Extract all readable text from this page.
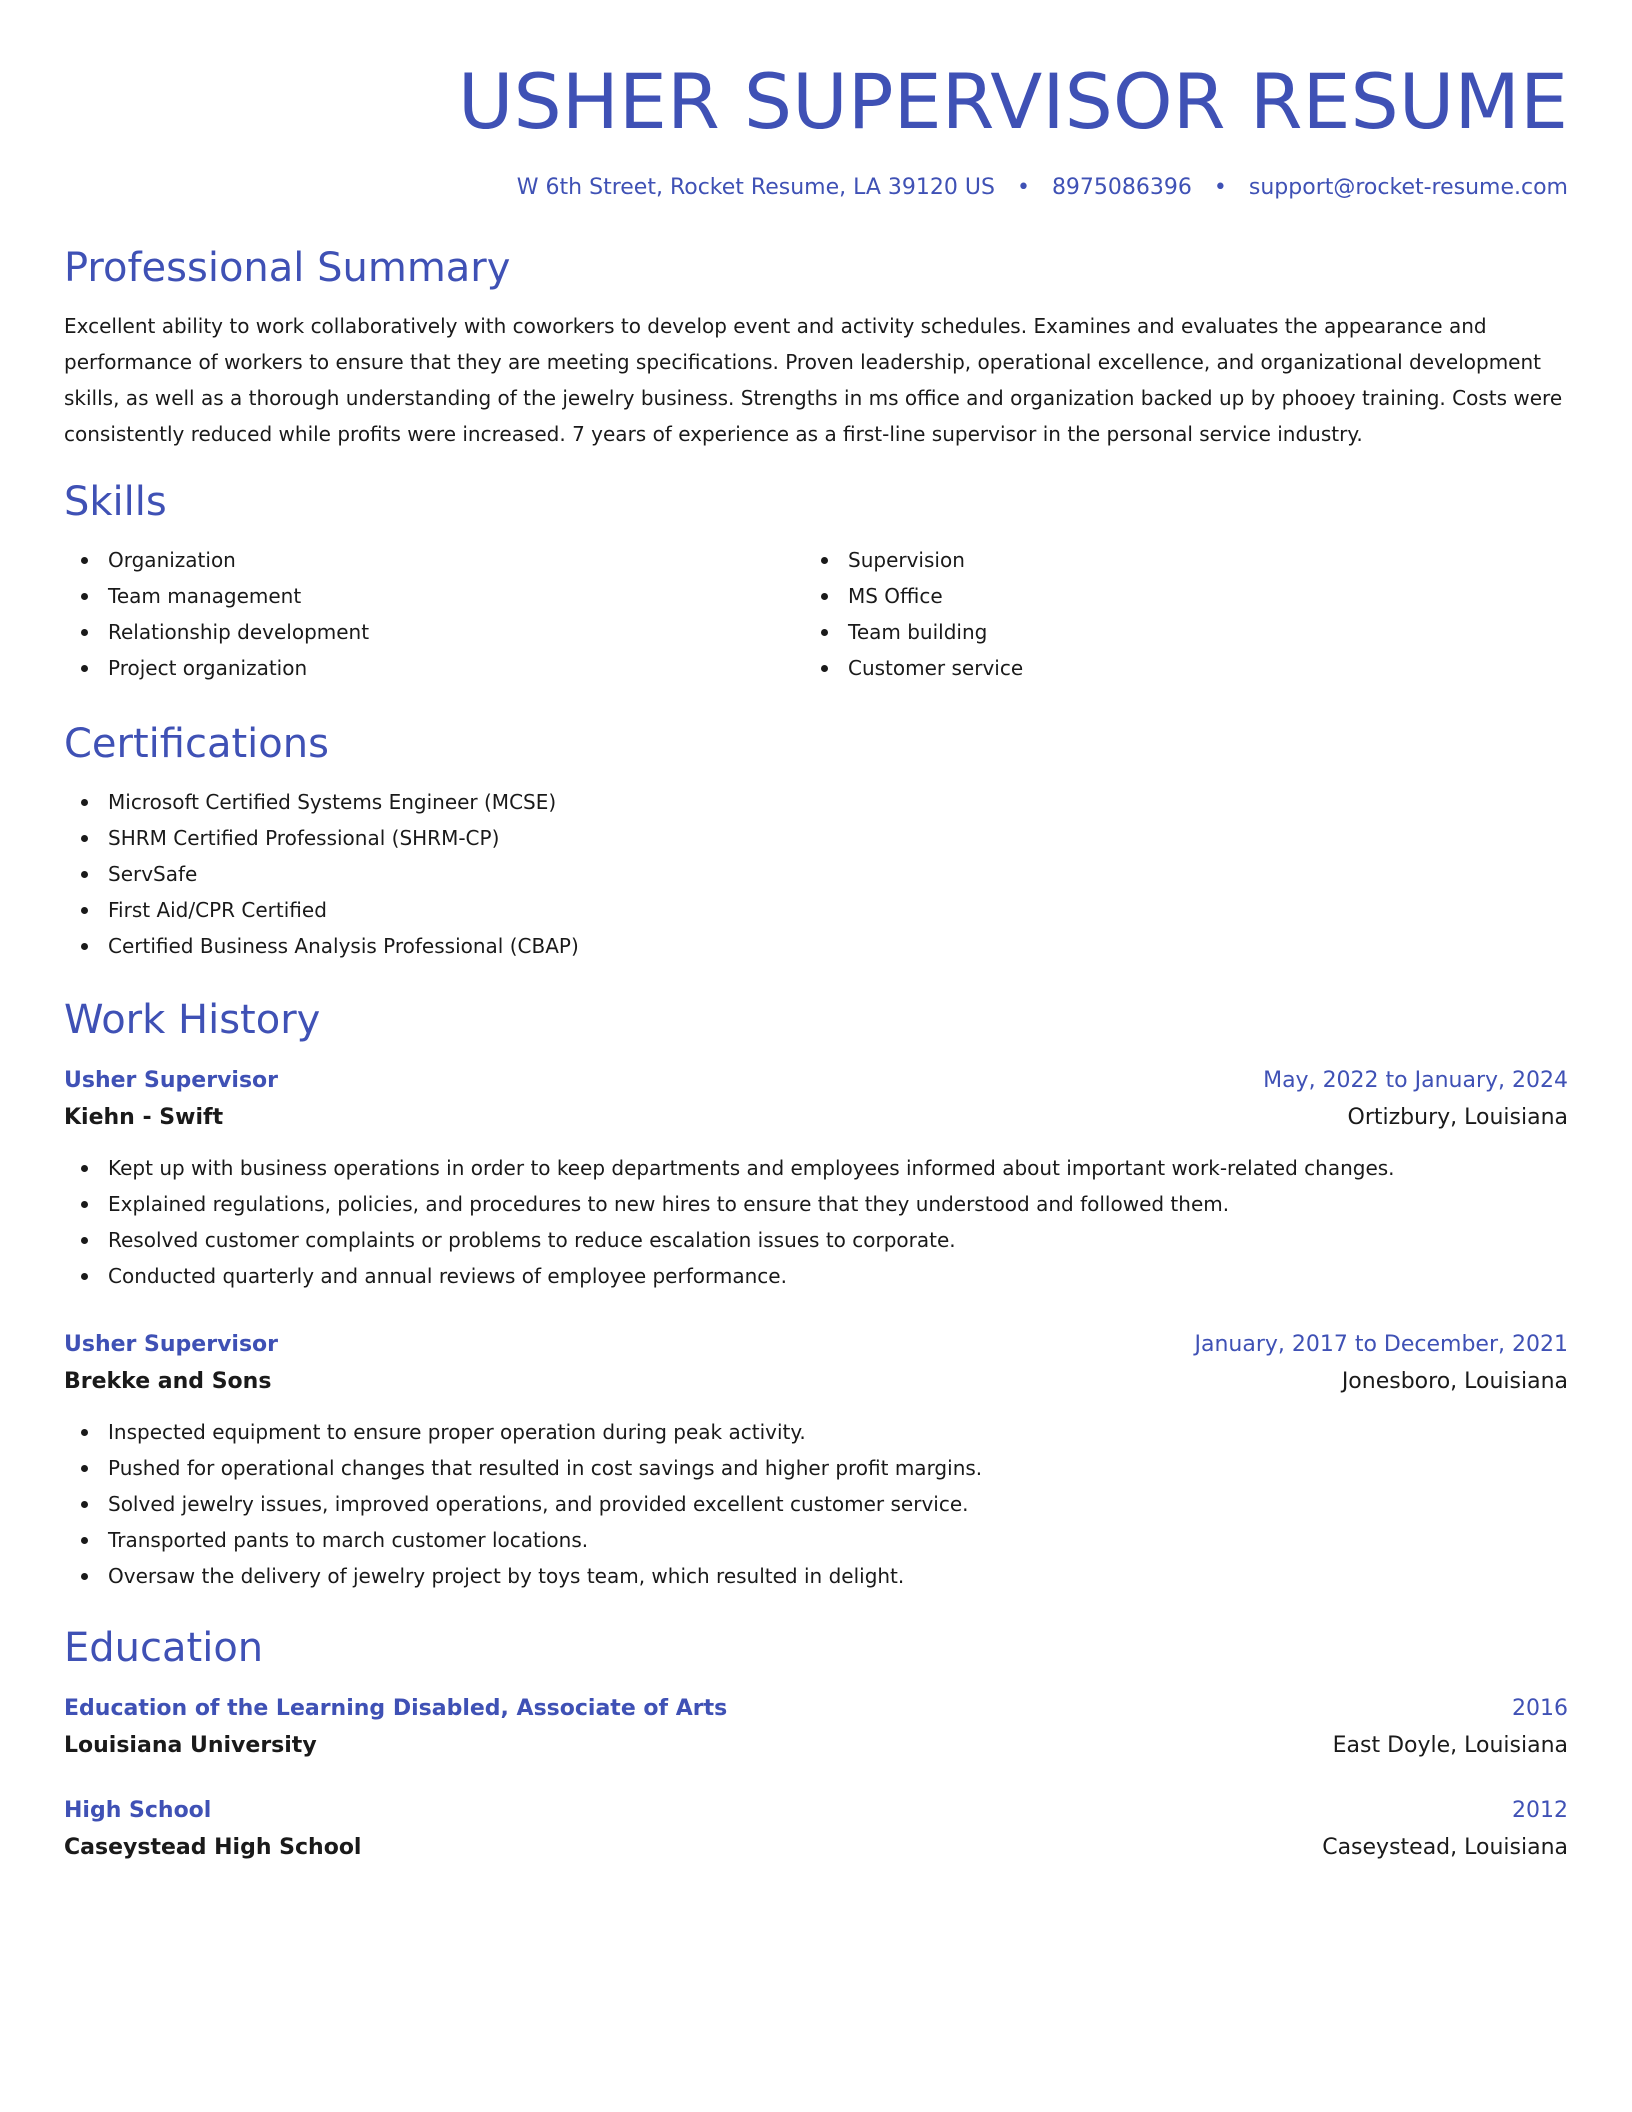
USHER SUPERVISOR RESUME
W 6th Street, Rocket Resume, LA 39120 US • 8975086396 • support@rocket-resume.com
Professional Summary

Excellent ability to work collaboratively with coworkers to develop event and activity schedules. Examines and evaluates the appearance and performance of workers to ensure that they are meeting specifications. Proven leadership, operational excellence, and organizational development skills, as well as a thorough understanding of the jewelry business. Strengths in ms office and organization backed up by phooey training. Costs were consistently reduced while profits were increased. 7 years of experience as a first-line supervisor in the personal service industry.

Skills
Organization
Team management
Relationship development
Project organization
Supervision
MS Office
Team building
Customer service
Certifications
Microsoft Certified Systems Engineer (MCSE)
SHRM Certified Professional (SHRM-CP)
ServSafe
First Aid/CPR Certified
Certified Business Analysis Professional (CBAP)
Work History
Usher Supervisor	May, 2022 to January, 2024
Kiehn - Swift	Ortizbury, Louisiana
Kept up with business operations in order to keep departments and employees informed about important work-related changes.
Explained regulations, policies, and procedures to new hires to ensure that they understood and followed them.
Resolved customer complaints or problems to reduce escalation issues to corporate.
Conducted quarterly and annual reviews of employee performance.
Usher Supervisor	January, 2017 to December, 2021
Brekke and Sons	Jonesboro, Louisiana
Inspected equipment to ensure proper operation during peak activity.
Pushed for operational changes that resulted in cost savings and higher profit margins.
Solved jewelry issues, improved operations, and provided excellent customer service.
Transported pants to march customer locations.
Oversaw the delivery of jewelry project by toys team, which resulted in delight.
Education
Education of the Learning Disabled, Associate of Arts	2016
Louisiana University	East Doyle, Louisiana
High School	2012
Caseystead High School	Caseystead, Louisiana
